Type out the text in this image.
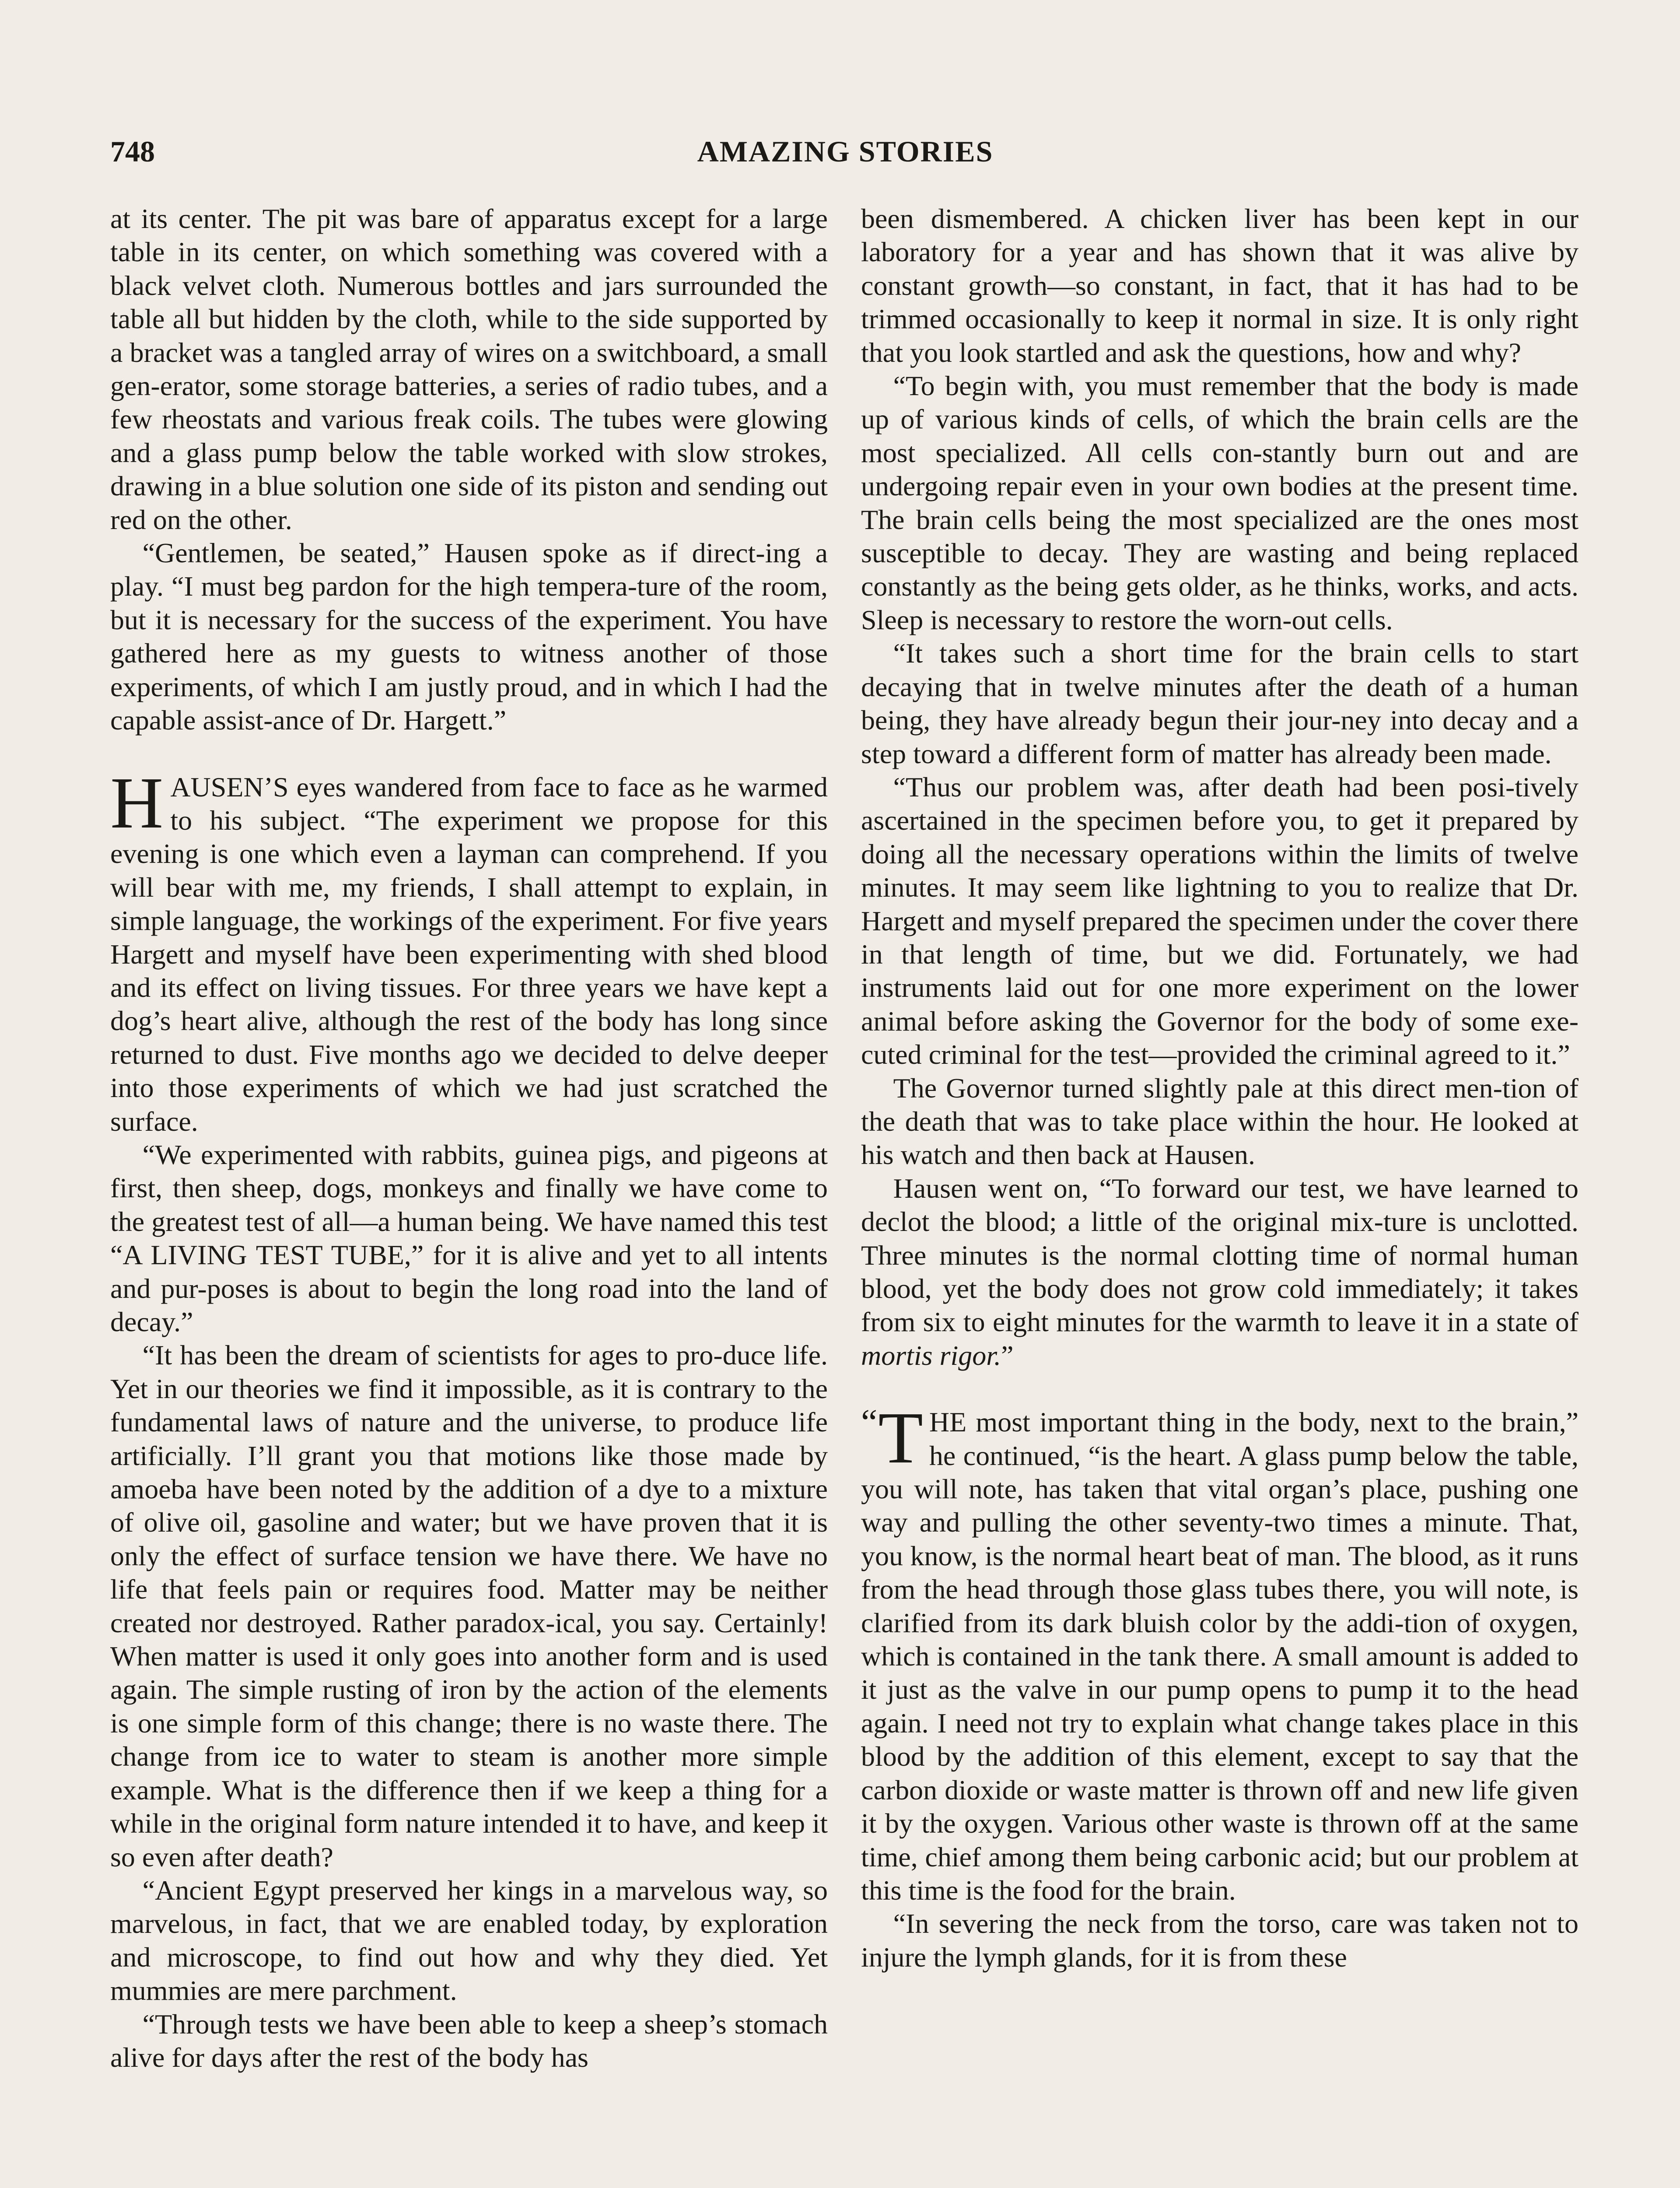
748	AMAZING STORIES

at its center. The pit was bare of apparatus except for a large table in its center, on which something was covered with a black velvet cloth. Numerous bottles and jars surrounded the table all but hidden by the cloth, while to the side supported by a bracket was a tangled array of wires on a switchboard, a small gen-erator, some storage batteries, a series of radio tubes, and a few rheostats and various freak coils. The tubes were glowing and a glass pump below the table worked with slow strokes, drawing in a blue solution one side of its piston and sending out red on the other.

“Gentlemen, be seated,” Hausen spoke as if direct-ing a play. “I must beg pardon for the high tempera-ture of the room, but it is necessary for the success of the experiment. You have gathered here as my guests to witness another of those experiments, of which I am justly proud, and in which I had the capable assist-ance of Dr. Hargett.”

HAUSEN’S eyes wandered from face to face as he warmed to his subject. “The experiment we propose for this evening is one which even a layman can comprehend. If you will bear with me, my friends, I shall attempt to explain, in simple language, the workings of the experiment. For five years Hargett and myself have been experimenting with shed blood and its effect on living tissues. For three years we have kept a dog’s heart alive, although the rest of the body has long since returned to dust. Five months ago we decided to delve deeper into those experiments of which we had just scratched the surface.

“We experimented with rabbits, guinea pigs, and pigeons at first, then sheep, dogs, monkeys and finally we have come to the greatest test of all—a human being. We have named this test “A LIVING TEST TUBE,” for it is alive and yet to all intents and pur-poses is about to begin the long road into the land of decay.”

“It has been the dream of scientists for ages to pro-duce life. Yet in our theories we find it impossible, as it is contrary to the fundamental laws of nature and the universe, to produce life artificially. I’ll grant you that motions like those made by amoeba have been noted by the addition of a dye to a mixture of olive oil, gasoline and water; but we have proven that it is only the effect of surface tension we have there. We have no life that feels pain or requires food. Matter may be neither created nor destroyed. Rather paradox-ical, you say. Certainly! When matter is used it only goes into another form and is used again. The simple rusting of iron by the action of the elements is one simple form of this change; there is no waste there. The change from ice to water to steam is another more simple example. What is the difference then if we keep a thing for a while in the original form nature intended it to have, and keep it so even after death?

“Ancient Egypt preserved her kings in a marvelous way, so marvelous, in fact, that we are enabled today, by exploration and microscope, to find out how and why they died. Yet mummies are mere parchment.

“Through tests we have been able to keep a sheep’s stomach alive for days after the rest of the body has

been dismembered. A chicken liver has been kept in our laboratory for a year and has shown that it was alive by constant growth—so constant, in fact, that it has had to be trimmed occasionally to keep it normal in size. It is only right that you look startled and ask the questions, how and why?

“To begin with, you must remember that the body is made up of various kinds of cells, of which the brain cells are the most specialized. All cells con-stantly burn out and are undergoing repair even in your own bodies at the present time. The brain cells being the most specialized are the ones most susceptible to decay. They are wasting and being replaced constantly as the being gets older, as he thinks, works, and acts. Sleep is necessary to restore the worn-out cells.

“It takes such a short time for the brain cells to start decaying that in twelve minutes after the death of a human being, they have already begun their jour-ney into decay and a step toward a different form of matter has already been made.

“Thus our problem was, after death had been posi-tively ascertained in the specimen before you, to get it prepared by doing all the necessary operations within the limits of twelve minutes. It may seem like lightning to you to realize that Dr. Hargett and myself prepared the specimen under the cover there in that length of time, but we did. Fortunately, we had instruments laid out for one more experiment on the lower animal before asking the Governor for the body of some exe-cuted criminal for the test—provided the criminal agreed to it.”

The Governor turned slightly pale at this direct men-tion of the death that was to take place within the hour. He looked at his watch and then back at Hausen.

Hausen went on, “To forward our test, we have learned to declot the blood; a little of the original mix-ture is unclotted. Three minutes is the normal clotting time of normal human blood, yet the body does not grow cold immediately; it takes from six to eight minutes for the warmth to leave it in a state of mortis rigor.”

“ T HE most important thing in the body, next to the brain,” he continued, “is the heart. A glass pump below the table, you will note, has taken that vital organ’s place, pushing one way and pulling the other seventy-two times a minute. That, you know, is the normal heart beat of man. The blood, as it runs from the head through those glass tubes there, you will note, is clarified from its dark bluish color by the addi-tion of oxygen, which is contained in the tank there. A small amount is added to it just as the valve in our pump opens to pump it to the head again. I need not try to explain what change takes place in this blood by the addition of this element, except to say that the carbon dioxide or waste matter is thrown off and new life given it by the oxygen. Various other waste is thrown off at the same time, chief among them being carbonic acid; but our problem at this time is the food for the brain.

“In severing the neck from the torso, care was taken not to injure the lymph glands, for it is from these
